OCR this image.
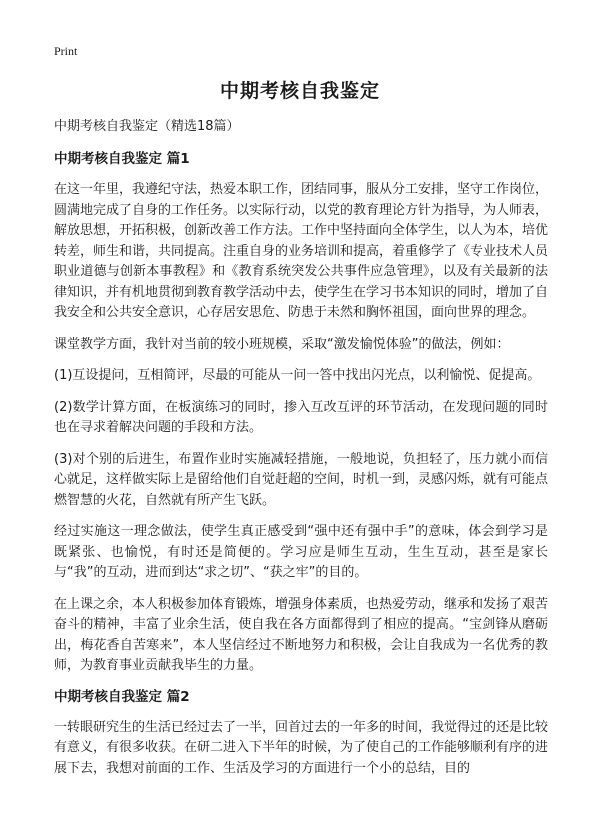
Print
中期考核自我鉴定

中期考核自我鉴定（精选18篇）

中期考核自我鉴定 篇1

在这一年里，我遵纪守法，热爱本职工作，团结同事，服从分工安排，坚守工作岗位，圆满地完成了自身的工作任务。以实际行动，以党的教育理论方针为指导，为人师表，解放思想，开拓积极，创新改善工作方法。工作中坚持面向全体学生，以人为本，培优转差，师生和谐，共同提高。注重自身的业务培训和提高，着重修学了《专业技术人员职业道德与创新本事教程》和《教育系统突发公共事件应急管理》，以及有关最新的法律知识，并有机地贯彻到教育教学活动中去，使学生在学习书本知识的同时，增加了自我安全和公共安全意识，心存居安思危、防患于未然和胸怀祖国，面向世界的理念。

课堂教学方面，我针对当前的较小班规模，采取“激发愉悦体验”的做法，例如：

(1)互设提问，互相简评，尽最的可能从一问一答中找出闪光点，以利愉悦、促提高。

(2)数学计算方面，在板演练习的同时，掺入互改互评的环节活动，在发现问题的同时也在寻求着解决问题的手段和方法。

(3)对个别的后进生，布置作业时实施减轻措施，一般地说，负担轻了，压力就小而信心就足，这样做实际上是留给他们自觉赶超的空间，时机一到，灵感闪烁，就有可能点燃智慧的火花，自然就有所产生飞跃。

经过实施这一理念做法，使学生真正感受到“强中还有强中手”的意味，体会到学习是既紧张、也愉悦，有时还是简便的。学习应是师生互动，生生互动，甚至是家长与“我”的互动，进而到达“求之切”、“获之牢”的目的。

在上课之余，本人积极参加体育锻炼，增强身体素质，也热爱劳动，继承和发扬了艰苦奋斗的精神，丰富了业余生活，使自我在各方面都得到了相应的提高。“宝剑锋从磨砺出，梅花香自苦寒来”，本人坚信经过不断地努力和积极，会让自我成为一名优秀的教师，为教育事业贡献我毕生的力量。

中期考核自我鉴定 篇2

一转眼研究生的生活已经过去了一半，回首过去的一年多的时间，我觉得过的还是比较有意义，有很多收获。在研二进入下半年的时候，为了使自己的工作能够顺利有序的进展下去，我想对前面的工作、生活及学习的方面进行一个小的总结，目的
